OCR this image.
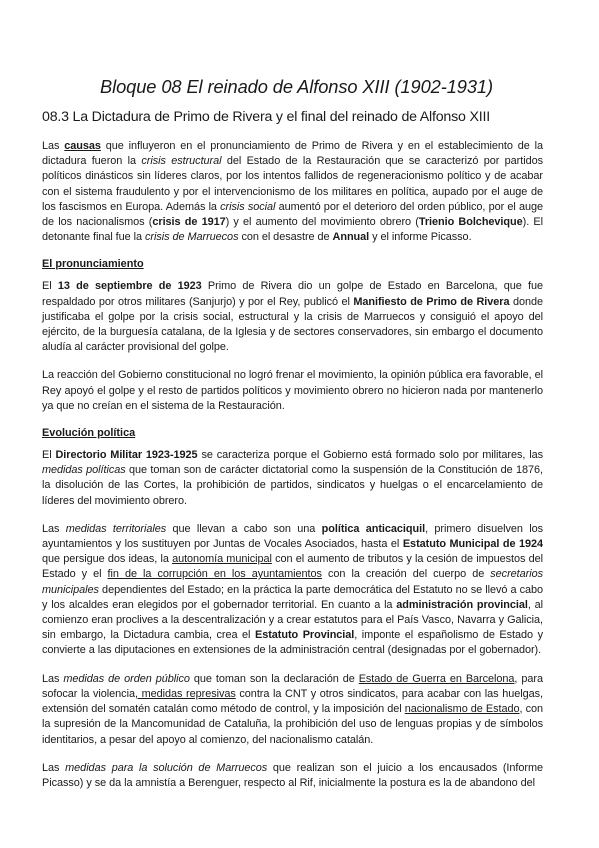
Bloque 08 El reinado de Alfonso XIII (1902-1931)
08.3 La Dictadura de Primo de Rivera y el final del reinado de Alfonso XIII

Las causas que influyeron en el pronunciamiento de Primo de Rivera y en el establecimiento de la dictadura fueron la crisis estructural del Estado de la Restauración que se caracterizó por partidos políticos dinásticos sin líderes claros, por los intentos fallidos de regeneracionismo político y de acabar con el sistema fraudulento y por el intervencionismo de los militares en política, aupado por el auge de los fascismos en Europa. Además la crisis social aumentó por el deterioro del orden público, por el auge de los nacionalismos (crisis de 1917) y el aumento del movimiento obrero (Trienio Bolchevique). El detonante final fue la crisis de Marruecos con el desastre de Annual y el informe Picasso.

El pronunciamiento

El 13 de septiembre de 1923 Primo de Rivera dio un golpe de Estado en Barcelona, que fue respaldado por otros militares (Sanjurjo) y por el Rey, publicó el Manifiesto de Primo de Rivera donde justificaba el golpe por la crisis social, estructural y la crisis de Marruecos y consiguió el apoyo del ejército, de la burguesía catalana, de la Iglesia y de sectores conservadores, sin embargo el documento aludía al carácter provisional del golpe.

La reacción del Gobierno constitucional no logró frenar el movimiento, la opinión pública era favorable, el Rey apoyó el golpe y el resto de partidos políticos y movimiento obrero no hicieron nada por mantenerlo ya que no creían en el sistema de la Restauración.

Evolución política

El Directorio Militar 1923-1925 se caracteriza porque el Gobierno está formado solo por militares, las medidas políticas que toman son de carácter dictatorial como la suspensión de la Constitución de 1876, la disolución de las Cortes, la prohibición de partidos, sindicatos y huelgas o el encarcelamiento de líderes del movimiento obrero.

Las medidas territoriales que llevan a cabo son una política anticaciquil, primero disuelven los ayuntamientos y los sustituyen por Juntas de Vocales Asociados, hasta el Estatuto Municipal de 1924 que persigue dos ideas, la autonomía municipal con el aumento de tributos y la cesión de impuestos del Estado y el fin de la corrupción en los ayuntamientos con la creación del cuerpo de secretarios municipales dependientes del Estado; en la práctica la parte democrática del Estatuto no se llevó a cabo y los alcaldes eran elegidos por el gobernador territorial. En cuanto a la administración provincial, al comienzo eran proclives a la descentralización y a crear estatutos para el País Vasco, Navarra y Galicia, sin embargo, la Dictadura cambia, crea el Estatuto Provincial, imponte el españolismo de Estado y convierte a las diputaciones en extensiones de la administración central (designadas por el gobernador).

Las medidas de orden público que toman son la declaración de Estado de Guerra en Barcelona, para sofocar la violencia, medidas represivas contra la CNT y otros sindicatos, para acabar con las huelgas, extensión del somatén catalán como método de control, y la imposición del nacionalismo de Estado, con la supresión de la Mancomunidad de Cataluña, la prohibición del uso de lenguas propias y de símbolos identitarios, a pesar del apoyo al comienzo, del nacionalismo catalán.

Las medidas para la solución de Marruecos que realizan son el juicio a los encausados (Informe Picasso) y se da la amnistía a Berenguer, respecto al Rif, inicialmente la postura es la de abandono del
